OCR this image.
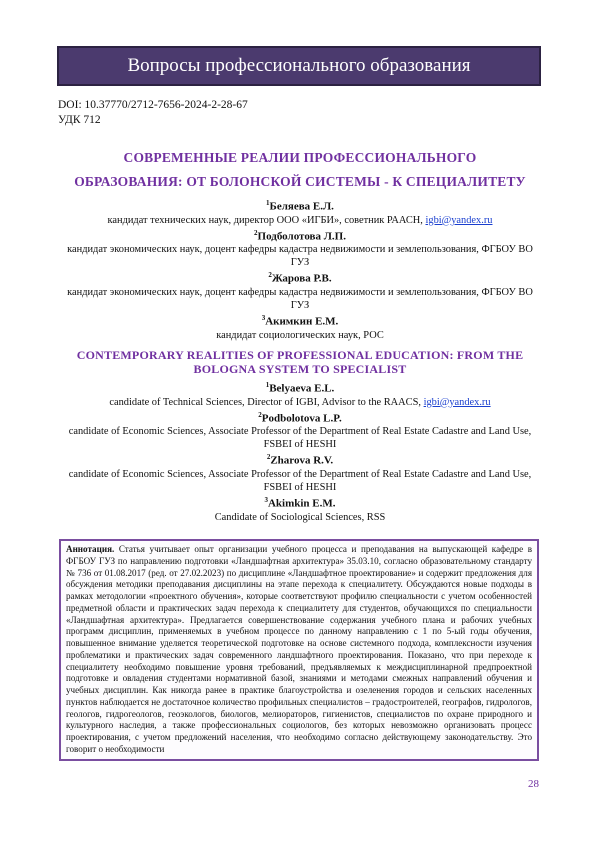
Вопросы профессионального образования
DOI: 10.37770/2712-7656-2024-2-28-67
УДК 712
СОВРЕМЕННЫЕ РЕАЛИИ ПРОФЕССИОНАЛЬНОГО
ОБРАЗОВАНИЯ: ОТ БОЛОНСКОЙ СИСТЕМЫ - К СПЕЦИАЛИТЕТУ
$^1$Беляева Е.Л.
кандидат технических наук, директор ООО «ИГБИ», советник РААСН, igbi@yandex.ru
$^2$Подболотова Л.П.
кандидат экономических наук, доцент кафедры кадастра недвижимости и землепользования, ФГБОУ ВО ГУЗ
$^2$Жарова Р.В.
кандидат экономических наук, доцент кафедры кадастра недвижимости и землепользования, ФГБОУ ВО ГУЗ
$^3$Акимкин Е.М.
кандидат социологических наук, РОС
CONTEMPORARY REALITIES OF PROFESSIONAL EDUCATION: FROM THE
BOLOGNA SYSTEM TO SPECIALIST
$^1$Belyaeva E.L.
candidate of Technical Sciences, Director of IGBI, Advisor to the RAACS, igbi@yandex.ru
$^2$Podbolotova L.P.
candidate of Economic Sciences, Associate Professor of the Department of Real Estate Cadastre and Land Use, FSBEI of HESHI
$^2$Zharova R.V.
candidate of Economic Sciences, Associate Professor of the Department of Real Estate Cadastre and Land Use, FSBEI of HESHI
$^3$Akimkin E.M.
Candidate of Sociological Sciences, RSS
Аннотация. Статья учитывает опыт организации учебного процесса и преподавания на выпускающей кафедре в ФГБОУ ГУЗ по направлению подготовки «Ландшафтная архитектура» 35.03.10, согласно образовательному стандарту № 736 от 01.08.2017 (ред. от 27.02.2023) по дисциплине «Ландшафтное проектирование» и содержит предложения для обсуждения методики преподавания дисциплины на этапе перехода к специалитету. Обсуждаются новые подходы в рамках методологии «проектного обучения», которые соответствуют профилю специальности с учетом особенностей предметной области и практических задач перехода к специалитету для студентов, обучающихся по специальности «Ландшафтная архитектура». Предлагается совершенствование содержания учебного плана и рабочих учебных программ дисциплин, применяемых в учебном процессе по данному направлению с 1 по 5-ый годы обучения, повышенное внимание уделяется теоретической подготовке на основе системного подхода, комплексности изучения проблематики и практических задач современного ландшафтного проектирования. Показано, что при переходе к специалитету необходимо повышение уровня требований, предъявляемых к междисциплинарной предпроектной подготовке и овладения студентами нормативной базой, знаниями и методами смежных направлений обучения и учебных дисциплин. Как никогда ранее в практике благоустройства и озеленения городов и сельских населенных пунктов наблюдается не достаточное количество профильных специалистов – градостроителей, географов, гидрологов, геологов, гидрогеологов, геоэкологов, биологов, мелиораторов, гигиенистов, специалистов по охране природного и культурного наследия, а также профессиональных социологов, без которых невозможно организовать процесс проектирования, с учетом предложений населения, что необходимо согласно действующему законодательству. Это говорит о необходимости
28
